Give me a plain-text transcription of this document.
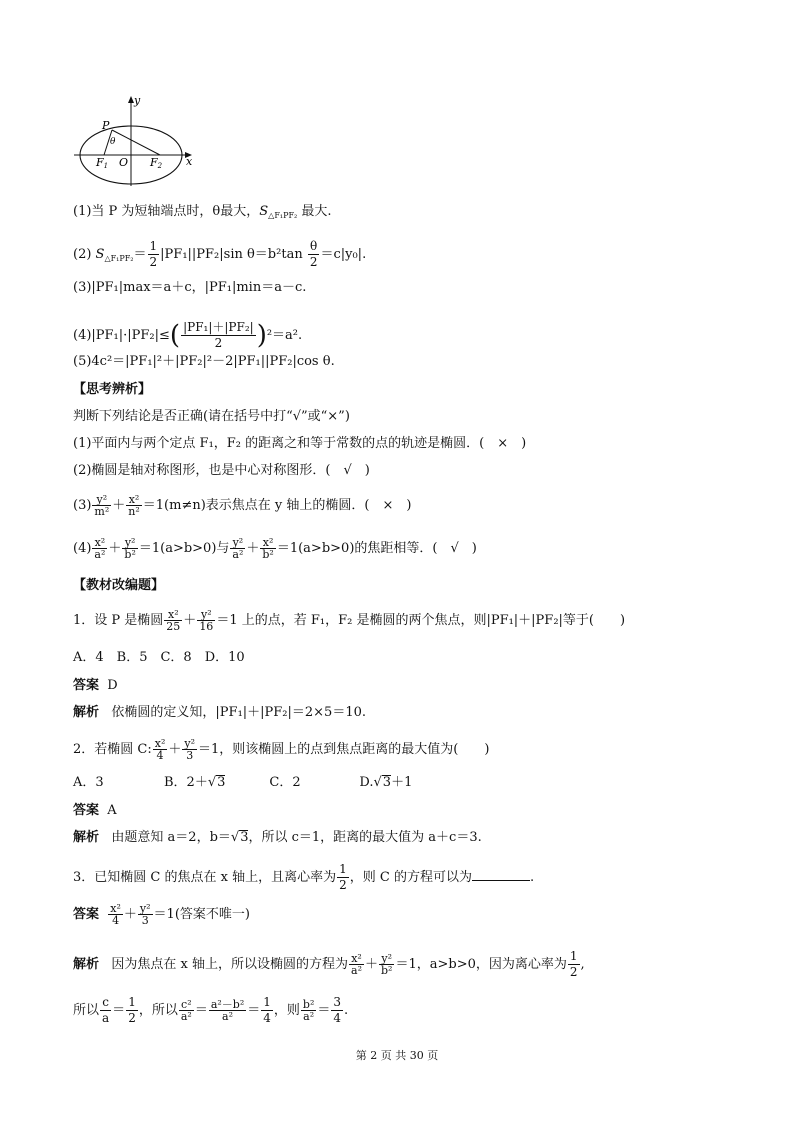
y
x
P
θ
F1 O F2
(1)当 P 为短轴端点时，θ最大，$S_{\triangle F_1PF_2}$ 最大.
(2) $S_{\triangle F_1PF_2}= \frac{1}{2} |PF_1||PF_2|\sin$ $\theta=b^2\tan \frac{\theta}{2} =c|y_0|$.
(3)|PF₁|max＝a＋c，|PF₁|min＝a－c.
$(4)|PF_1|\cdot|PF_2|\le( \frac{\text{|PF₁|＋|PF₂|}}{2} )^2=a^2$.
(5)4c²＝|PF₁|²＋|PF₂|²－2|PF₁||PF₂|cos θ.
【思考辨析】
判断下列结论是否正确(请在括号中打“√”或“×”)
(1)平面内与两个定点 F₁，F₂ 的距离之和等于常数的点的轨迹是椭圆．(　×　)
(2)椭圆是轴对称图形，也是中心对称图形．(　√　)
$(3) \frac{\text{y²}}{\text{m²}} + \frac{\text{x²}}{\text{n²}} =1(m\ne n)$表示焦点在 y 轴上的椭圆．(　×　)
$(4) \frac{\text{x²}}{\text{a²}} + \frac{\text{y²}}{\text{b²}} =1(a>b>0)$与 $\frac{\text{y²}}{\text{a²}} + \frac{\text{x²}}{\text{b²}} =1(a>b>0)$的焦距相等．(　√　)
【教材改编题】
1．设 P 是椭圆 $\frac{\text{x²}}{25} + \frac{\text{y²}}{16} =1$ 上的点，若 F₁，F₂ 是椭圆的两个焦点，则|PF₁|＋|PF₂|等于(　　)
A．4　B．5　C．8　D．10
答案 D
解析 依椭圆的定义知，|PF₁|＋|PF₂|＝2×5＝10.
2．若椭圆 C: $\frac{\text{x²}}{4} + \frac{\text{y²}}{3} =1$，则该椭圆上的点到焦点距离的最大值为(　　)
A．3	B．2＋√3	C．2	D.√3＋1
答案 A
解析 由题意知 a＝2，b＝√3，所以 c＝1，距离的最大值为 a＋c＝3.
3．已知椭圆 C 的焦点在 x 轴上，且离心率为 $\frac{1}{2}$ ，则 C 的方程可以为	.
答案 $\frac{\text{x²}}{4} + \frac{\text{y²}}{3} =1$(答案不唯一)
解析 因为焦点在 x 轴上，所以设椭圆的方程为 $\frac{\text{x²}}{\text{a²}} + \frac{\text{y²}}{\text{b²}} =1$，a>b>0，因为离心率为 $\frac{1}{2}$ ,
所以 $\frac{c}{a} = \frac{1}{2}$ ，所以 $\frac{\text{c²}}{\text{a²}} = \frac{\text{a²－b²}}{\text{a²}} = \frac{1}{4}$ ，则 $\frac{\text{b²}}{\text{a²}} = \frac{3}{4}$ .
第 2 页 共 30 页
